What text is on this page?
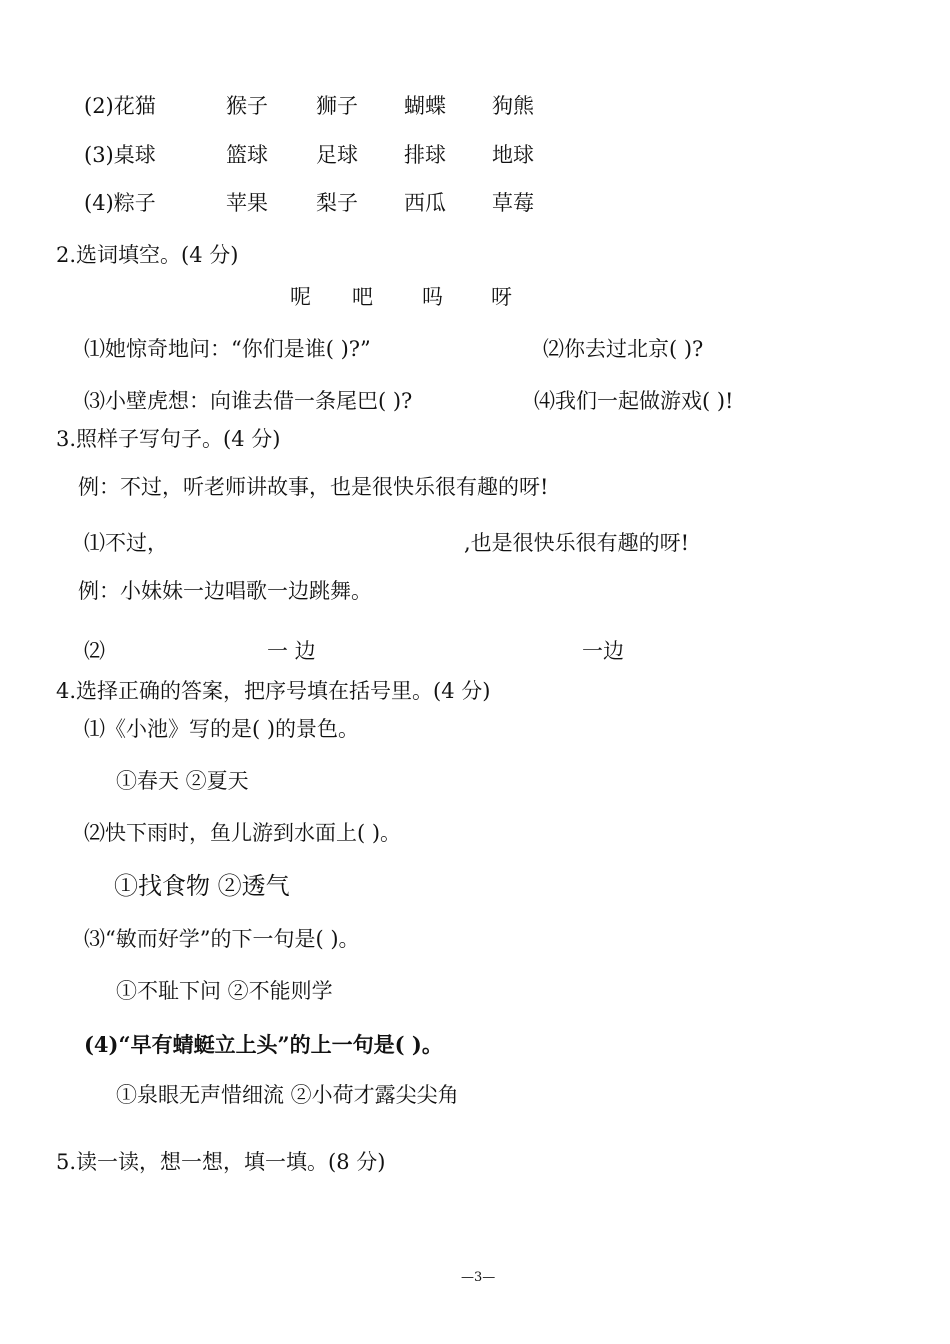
(2)花猫	猴子 狮子 蝴蝶 狗熊
(3)桌球	篮球 足球 排球 地球
(4)粽子	苹果 梨子 西瓜 草莓
2.选词填空。(4 分)
呢 吧 吗 呀
⑴她惊奇地问：“你们是谁( )?”	⑵你去过北京( )?
⑶小壁虎想：向谁去借一条尾巴( )?	⑷我们一起做游戏( )!
3.照样子写句子。(4 分)
例：不过，听老师讲故事，也是很快乐很有趣的呀!
⑴不过，	,也是很快乐很有趣的呀!
例：小妹妹一边唱歌一边跳舞。
⑵	一 边	一边
4.选择正确的答案，把序号填在括号里。(4 分)
⑴《小池》写的是( )的景色。
①春天 ②夏天
⑵快下雨时，鱼儿游到水面上( )。
①找食物 ②透气
⑶“敏而好学”的下一句是( )。
①不耻下问 ②不能则学
(4)“早有蜻蜓立上头”的上一句是( )。
①泉眼无声惜细流 ②小荷才露尖尖角
5.读一读，想一想，填一填。(8 分)
—3—
